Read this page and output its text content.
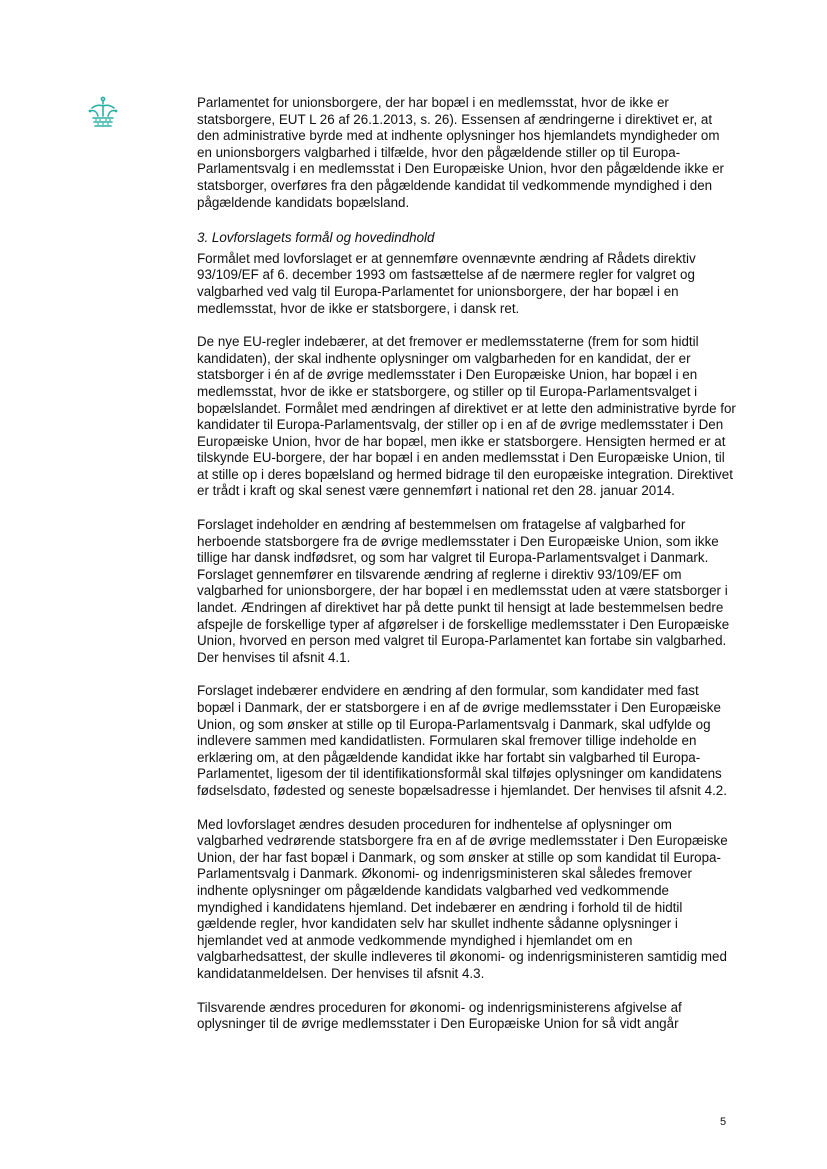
Parlamentet for unionsborgere, der har bopæl i en medlemsstat, hvor de ikke er statsborgere, EUT L 26 af 26.1.2013, s. 26). Essensen af ændringerne i direktivet er, at den administrative byrde med at indhente oplysninger hos hjemlandets myndigheder om en unionsborgers valgbarhed i tilfælde, hvor den pågældende stiller op til Europa-Parlamentsvalg i en medlemsstat i Den Europæiske Union, hvor den pågældende ikke er statsborger, overføres fra den pågældende kandidat til vedkommende myndighed i den pågældende kandidats bopælsland.

3. Lovforslagets formål og hovedindhold

Formålet med lovforslaget er at gennemføre ovennævnte ændring af Rådets direktiv 93/109/EF af 6. december 1993 om fastsættelse af de nærmere regler for valgret og valgbarhed ved valg til Europa-Parlamentet for unionsborgere, der har bopæl i en medlemsstat, hvor de ikke er statsborgere, i dansk ret.

De nye EU-regler indebærer, at det fremover er medlemsstaterne (frem for som hidtil kandidaten), der skal indhente oplysninger om valgbarheden for en kandidat, der er statsborger i én af de øvrige medlemsstater i Den Europæiske Union, har bopæl i en medlemsstat, hvor de ikke er statsborgere, og stiller op til Europa-Parlamentsvalget i bopælslandet. Formålet med ændringen af direktivet er at lette den administrative byrde for kandidater til Europa-Parlamentsvalg, der stiller op i en af de øvrige medlemsstater i Den Europæiske Union, hvor de har bopæl, men ikke er statsborgere. Hensigten hermed er at tilskynde EU-borgere, der har bopæl i en anden medlemsstat i Den Europæiske Union, til at stille op i deres bopælsland og hermed bidrage til den europæiske integration. Direktivet er trådt i kraft og skal senest være gennemført i national ret den 28. januar 2014.

Forslaget indeholder en ændring af bestemmelsen om fratagelse af valgbarhed for herboende statsborgere fra de øvrige medlemsstater i Den Europæiske Union, som ikke tillige har dansk indfødsret, og som har valgret til Europa-Parlamentsvalget i Danmark. Forslaget gennemfører en tilsvarende ændring af reglerne i direktiv 93/109/EF om valgbarhed for unionsborgere, der har bopæl i en medlemsstat uden at være statsborger i landet. Ændringen af direktivet har på dette punkt til hensigt at lade bestemmelsen bedre afspejle de forskellige typer af afgørelser i de forskellige medlemsstater i Den Europæiske Union, hvorved en person med valgret til Europa-Parlamentet kan fortabe sin valgbarhed. Der henvises til afsnit 4.1.

Forslaget indebærer endvidere en ændring af den formular, som kandidater med fast bopæl i Danmark, der er statsborgere i en af de øvrige medlemsstater i Den Europæiske Union, og som ønsker at stille op til Europa-Parlamentsvalg i Danmark, skal udfylde og indlevere sammen med kandidatlisten. Formularen skal fremover tillige indeholde en erklæring om, at den pågældende kandidat ikke har fortabt sin valgbarhed til Europa-Parlamentet, ligesom der til identifikationsformål skal tilføjes oplysninger om kandidatens fødselsdato, fødested og seneste bopælsadresse i hjemlandet. Der henvises til afsnit 4.2.

Med lovforslaget ændres desuden proceduren for indhentelse af oplysninger om valgbarhed vedrørende statsborgere fra en af de øvrige medlemsstater i Den Europæiske Union, der har fast bopæl i Danmark, og som ønsker at stille op som kandidat til Europa-Parlamentsvalg i Danmark. Økonomi- og indenrigsministeren skal således fremover indhente oplysninger om pågældende kandidats valgbarhed ved vedkommende myndighed i kandidatens hjemland. Det indebærer en ændring i forhold til de hidtil gældende regler, hvor kandidaten selv har skullet indhente sådanne oplysninger i hjemlandet ved at anmode vedkommende myndighed i hjemlandet om en valgbarhedsattest, der skulle indleveres til økonomi- og indenrigsministeren samtidig med kandidatanmeldelsen. Der henvises til afsnit 4.3.

Tilsvarende ændres proceduren for økonomi- og indenrigsministerens afgivelse af oplysninger til de øvrige medlemsstater i Den Europæiske Union for så vidt angår

5
